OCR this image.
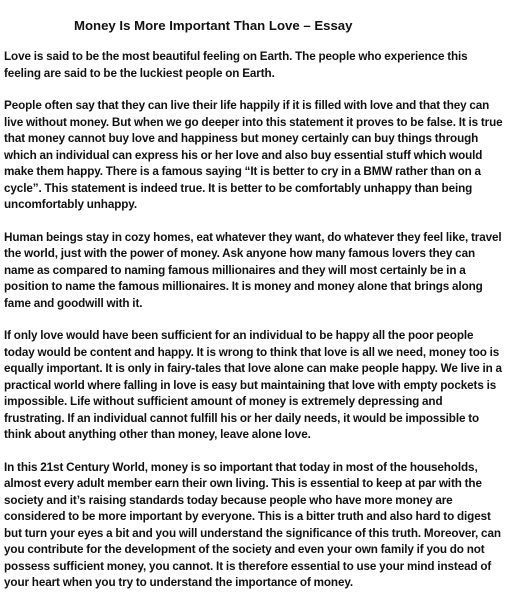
Money Is More Important Than Love – Essay

Love is said to be the most beautiful feeling on Earth. The people who experience this feeling are said to be the luckiest people on Earth.

People often say that they can live their life happily if it is filled with love and that they can live without money. But when we go deeper into this statement it proves to be false. It is true that money cannot buy love and happiness but money certainly can buy things through which an individual can express his or her love and also buy essential stuff which would make them happy. There is a famous saying “It is better to cry in a BMW rather than on a cycle”. This statement is indeed true. It is better to be comfortably unhappy than being uncomfortably unhappy.

Human beings stay in cozy homes, eat whatever they want, do whatever they feel like, travel the world, just with the power of money. Ask anyone how many famous lovers they can name as compared to naming famous millionaires and they will most certainly be in a position to name the famous millionaires. It is money and money alone that brings along fame and goodwill with it.

If only love would have been sufficient for an individual to be happy all the poor people today would be content and happy. It is wrong to think that love is all we need, money too is equally important. It is only in fairy-tales that love alone can make people happy. We live in a practical world where falling in love is easy but maintaining that love with empty pockets is impossible. Life without sufficient amount of money is extremely depressing and frustrating. If an individual cannot fulfill his or her daily needs, it would be impossible to think about anything other than money, leave alone love.

In this 21st Century World, money is so important that today in most of the households, almost every adult member earn their own living. This is essential to keep at par with the society and it’s raising standards today because people who have more money are considered to be more important by everyone. This is a bitter truth and also hard to digest but turn your eyes a bit and you will understand the significance of this truth. Moreover, can you contribute for the development of the society and even your own family if you do not possess sufficient money, you cannot. It is therefore essential to use your mind instead of your heart when you try to understand the importance of money.
